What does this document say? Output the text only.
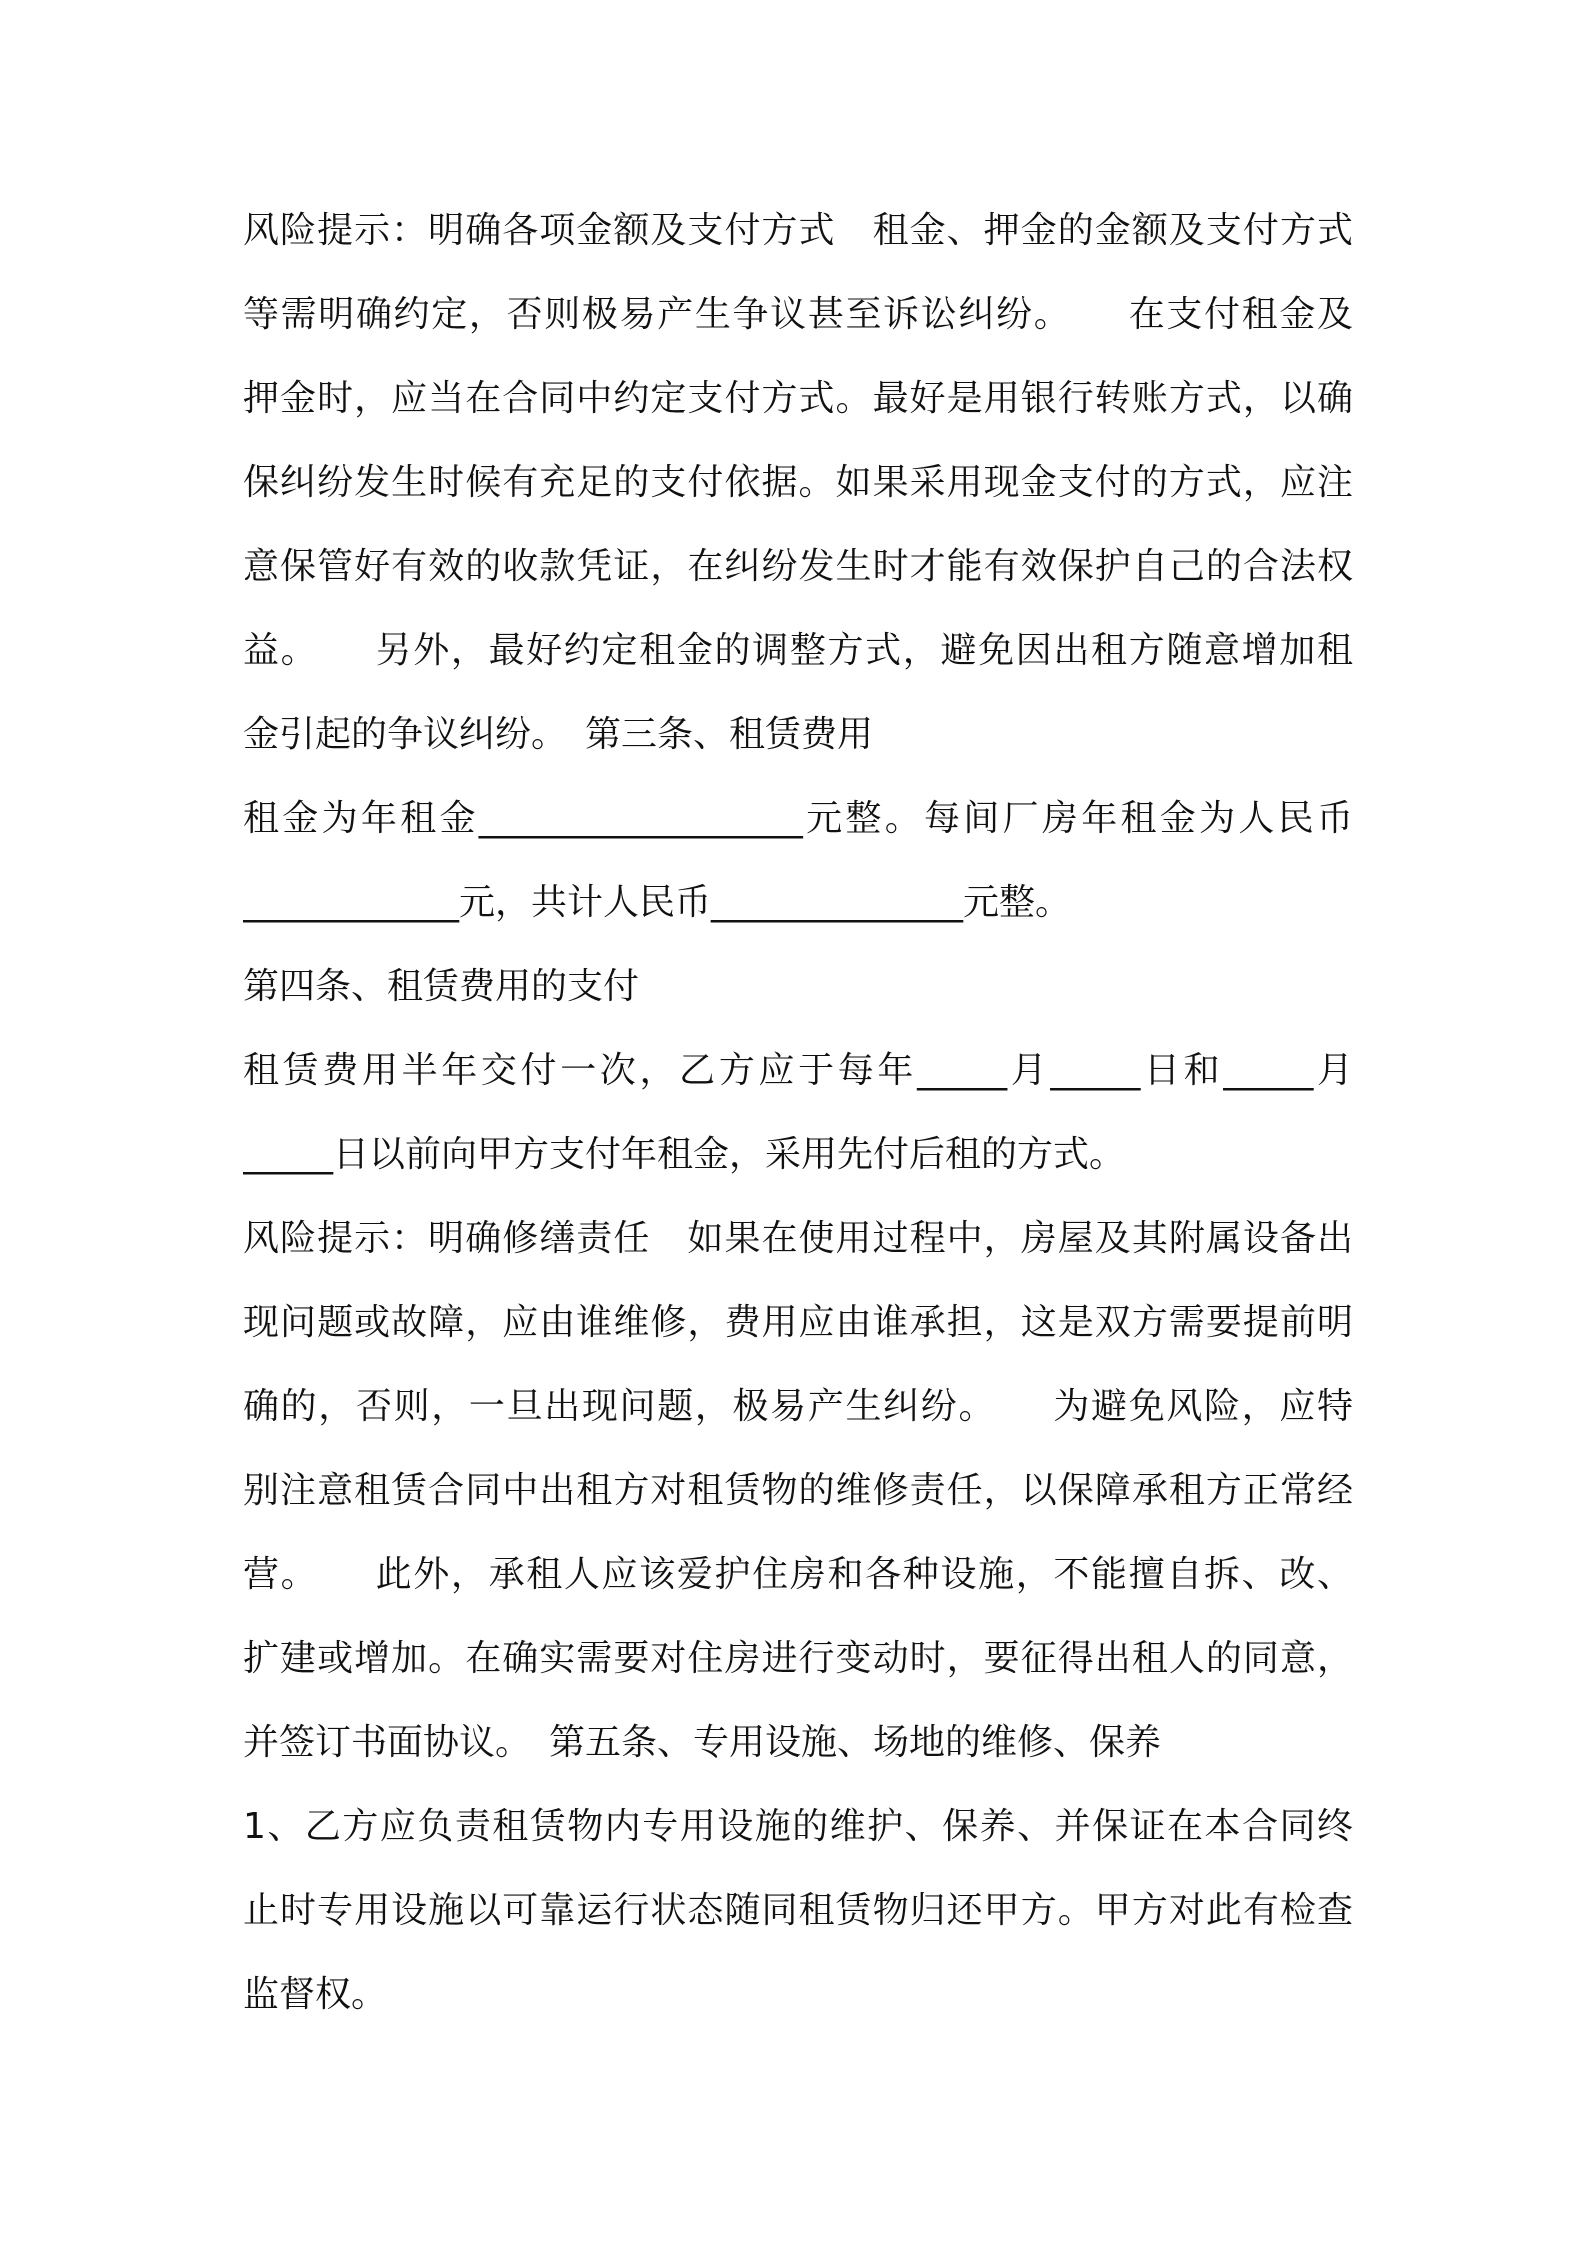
风险提示：明确各项金额及支付方式　租金、押金的金额及支付方式
等需明确约定，否则极易产生争议甚至诉讼纠纷。　　在支付租金及
押金时，应当在合同中约定支付方式。最好是用银行转账方式，以确
保纠纷发生时候有充足的支付依据。如果采用现金支付的方式，应注
意保管好有效的收款凭证，在纠纷发生时才能有效保护自己的合法权
益。　　另外，最好约定租金的调整方式，避免因出租方随意增加租
金引起的争议纠纷。　第三条、租赁费用
租金为年租金__________________元整。每间厂房年租金为人民币
____________元，共计人民币______________元整。
第四条、租赁费用的支付
租赁费用半年交付一次，乙方应于每年_____月_____日和_____月
_____日以前向甲方支付年租金，采用先付后租的方式。
风险提示：明确修缮责任　如果在使用过程中，房屋及其附属设备出
现问题或故障，应由谁维修，费用应由谁承担，这是双方需要提前明
确的，否则，一旦出现问题，极易产生纠纷。　　为避免风险，应特
别注意租赁合同中出租方对租赁物的维修责任，以保障承租方正常经
营。　　此外，承租人应该爱护住房和各种设施，不能擅自拆、改、
扩建或增加。在确实需要对住房进行变动时，要征得出租人的同意，
并签订书面协议。　第五条、专用设施、场地的维修、保养
1、乙方应负责租赁物内专用设施的维护、保养、并保证在本合同终
止时专用设施以可靠运行状态随同租赁物归还甲方。甲方对此有检查
监督权。
